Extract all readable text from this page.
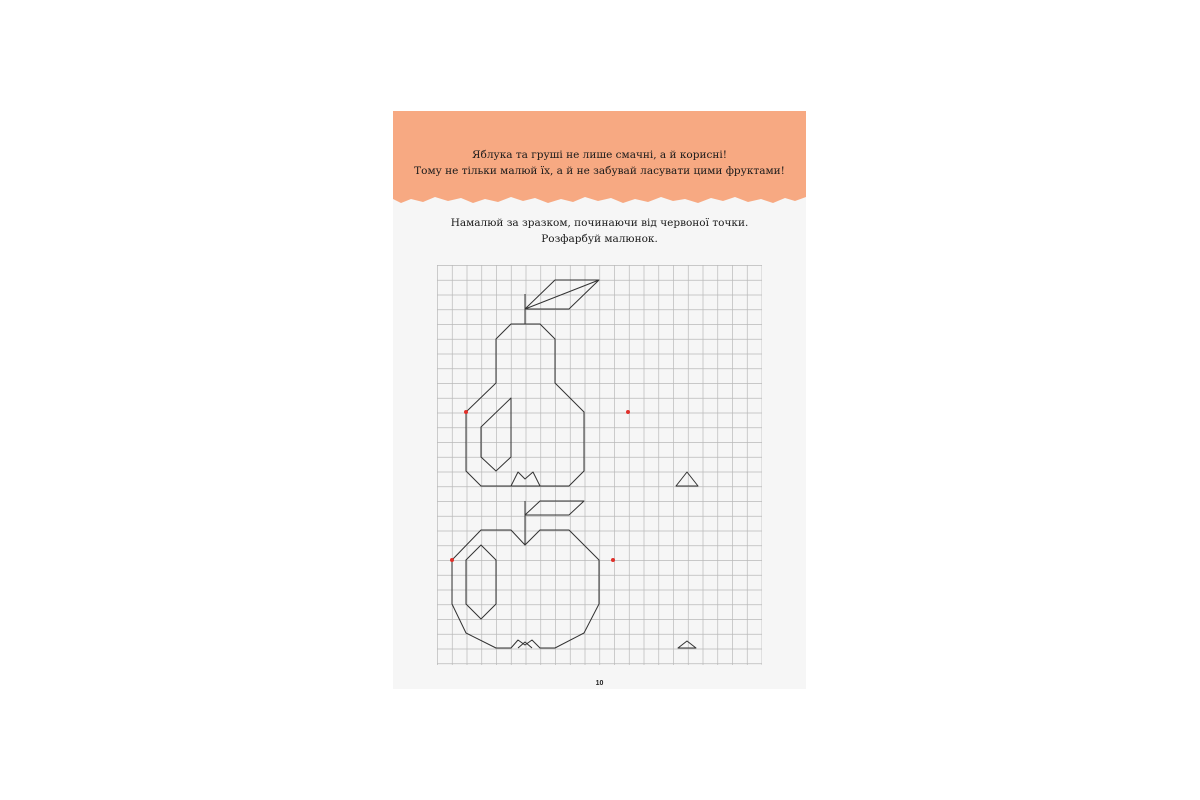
Яблука та груші не лише смачні, а й корисні!
Тому не тільки малюй їх, а й не забувай ласувати цими фруктами!
Намалюй за зразком, починаючи від червоної точки.
Розфарбуй малюнок.
10
